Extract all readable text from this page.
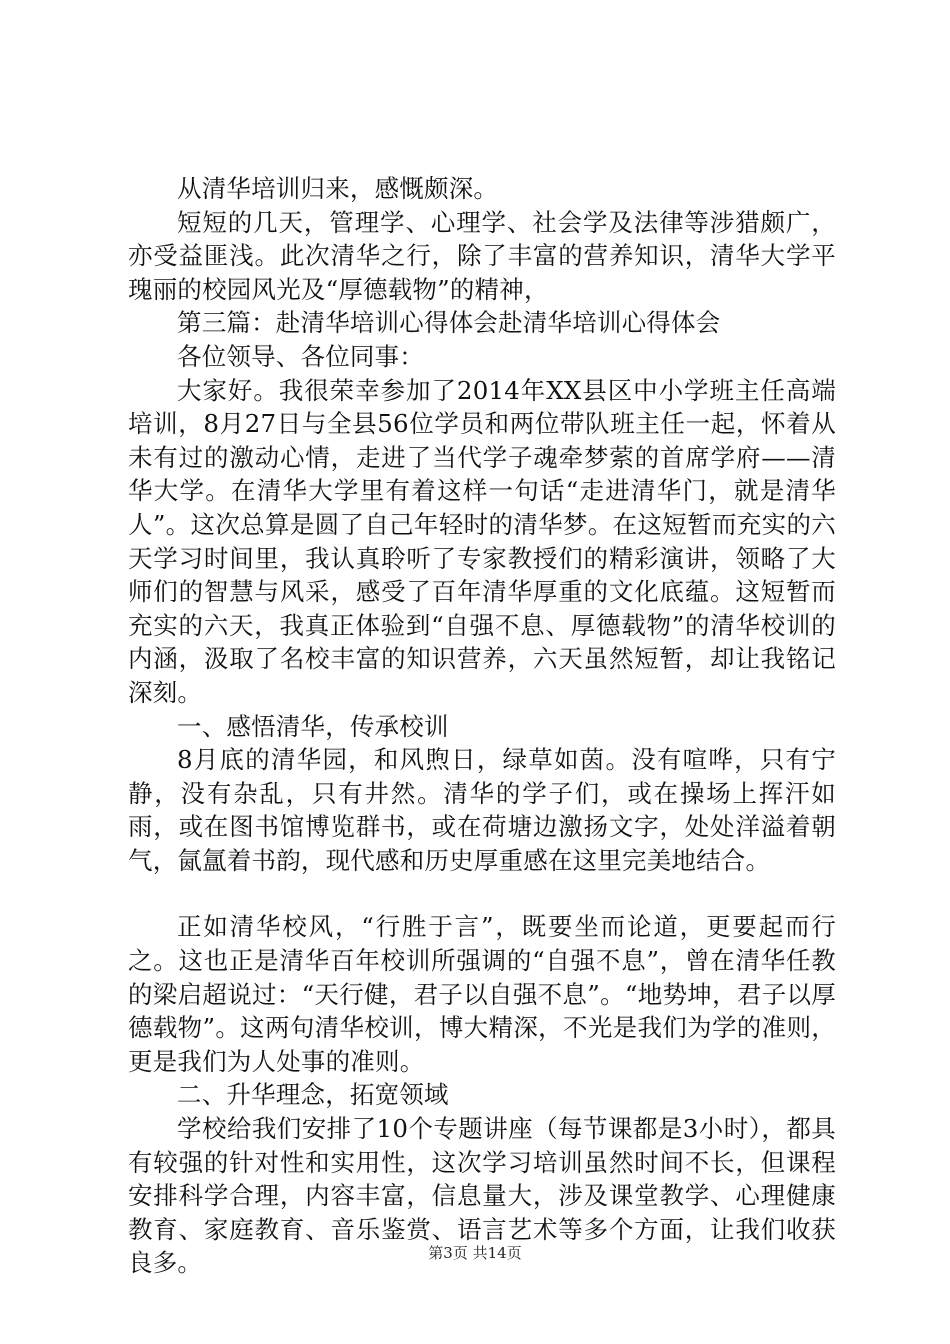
从清华培训归来，感慨颇深。

短短的几天，管理学、心理学、社会学及法律等涉猎颇广，亦受益匪浅。此次清华之行，除了丰富的营养知识，清华大学平瑰丽的校园风光及“厚德载物”的精神，

第三篇：赴清华培训心得体会赴清华培训心得体会

各位领导、各位同事：

大家好。我很荣幸参加了2014年XX县区中小学班主任高端培训，8月27日与全县56位学员和两位带队班主任一起，怀着从未有过的激动心情，走进了当代学子魂牵梦萦的首席学府——清华大学。在清华大学里有着这样一句话“走进清华门，就是清华人”。这次总算是圆了自己年轻时的清华梦。在这短暂而充实的六天学习时间里，我认真聆听了专家教授们的精彩演讲，领略了大师们的智慧与风采，感受了百年清华厚重的文化底蕴。这短暂而充实的六天，我真正体验到“自强不息、厚德载物”的清华校训的内涵，汲取了名校丰富的知识营养，六天虽然短暂，却让我铭记深刻。

一、感悟清华，传承校训

8月底的清华园，和风煦日，绿草如茵。没有喧哗，只有宁静，没有杂乱，只有井然。清华的学子们，或在操场上挥汗如雨，或在图书馆博览群书，或在荷塘边激扬文字，处处洋溢着朝气，氤氲着书韵，现代感和历史厚重感在这里完美地结合。

正如清华校风，“行胜于言”，既要坐而论道，更要起而行之。这也正是清华百年校训所强调的“自强不息”，曾在清华任教的梁启超说过：“天行健，君子以自强不息”。“地势坤，君子以厚德载物”。这两句清华校训，博大精深，不光是我们为学的准则，更是我们为人处事的准则。

二、升华理念，拓宽领域

学校给我们安排了10个专题讲座（每节课都是3小时），都具有较强的针对性和实用性，这次学习培训虽然时间不长，但课程安排科学合理，内容丰富，信息量大，涉及课堂教学、心理健康教育、家庭教育、音乐鉴赏、语言艺术等多个方面，让我们收获良多。	第3页 共14页
